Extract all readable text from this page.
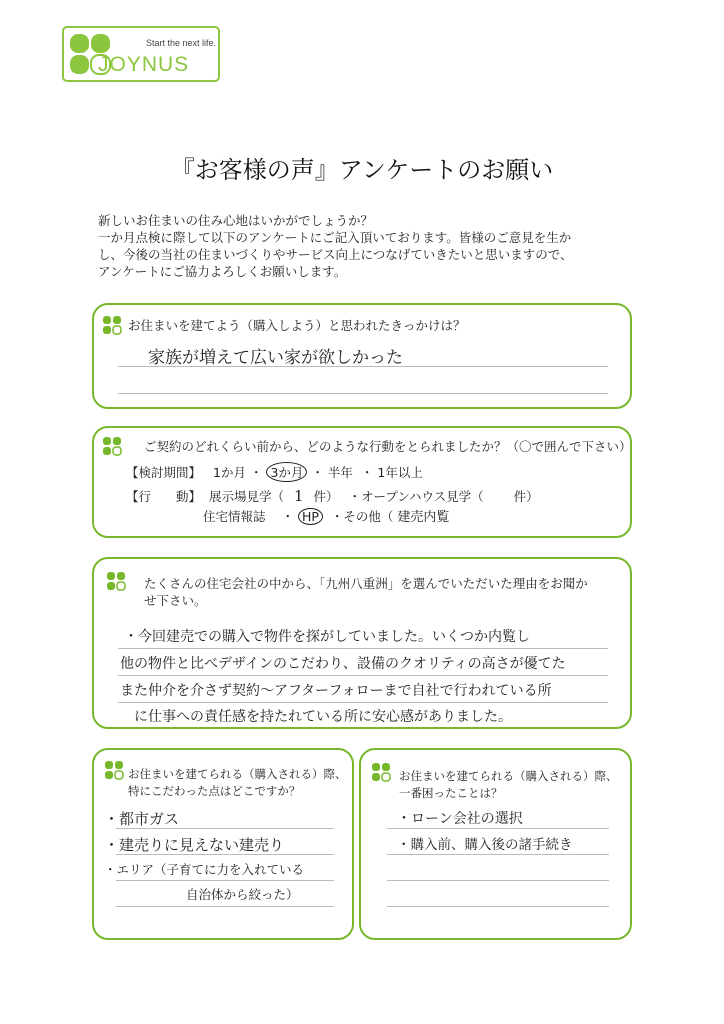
Start the next life.
JOYNUS
『お客様の声』アンケートのお願い
新しいお住まいの住み心地はいかがでしょうか？
一か月点検に際して以下のアンケートにご記入頂いております。皆様のご意見を生か
し、今後の当社の住まいづくりやサービス向上につなげていきたいと思いますので、
アンケートにご協力よろしくお願いします。
お住まいを建てよう（購入しよう）と思われたきっかけは？
家族が増えて広い家が欲しかった
ご契約のどれくらい前から、どのような行動をとられましたか？（〇で囲んで下さい）
【検討期間】 1か月 ・ 3か月 ・ 半年 ・ 1年以上
【行　　動】 展示場見学（ 1 件） ・オープンハウス見学（ 件）
住宅情報誌 ・ HP ・その他（ 建売内覧
たくさんの住宅会社の中から、「九州八重洲」を選んでいただいた理由をお聞か
せ下さい。
・今回建売での購入で物件を探がしていました。いくつか内覧し
他の物件と比べデザインのこだわり、設備のクオリティの高さが優てた
また仲介を介さず契約〜アフターフォローまで自社で行われている所
に仕事への責任感を持たれている所に安心感がありました。
お住まいを建てられる（購入される）際、
特にこだわった点はどこですか？
・都市ガス
・建売りに見えない建売り
・エリア（子育てに力を入れている
自治体から絞った）
お住まいを建てられる（購入される）際、
一番困ったことは？
・ローン会社の選択
・購入前、購入後の諸手続き
